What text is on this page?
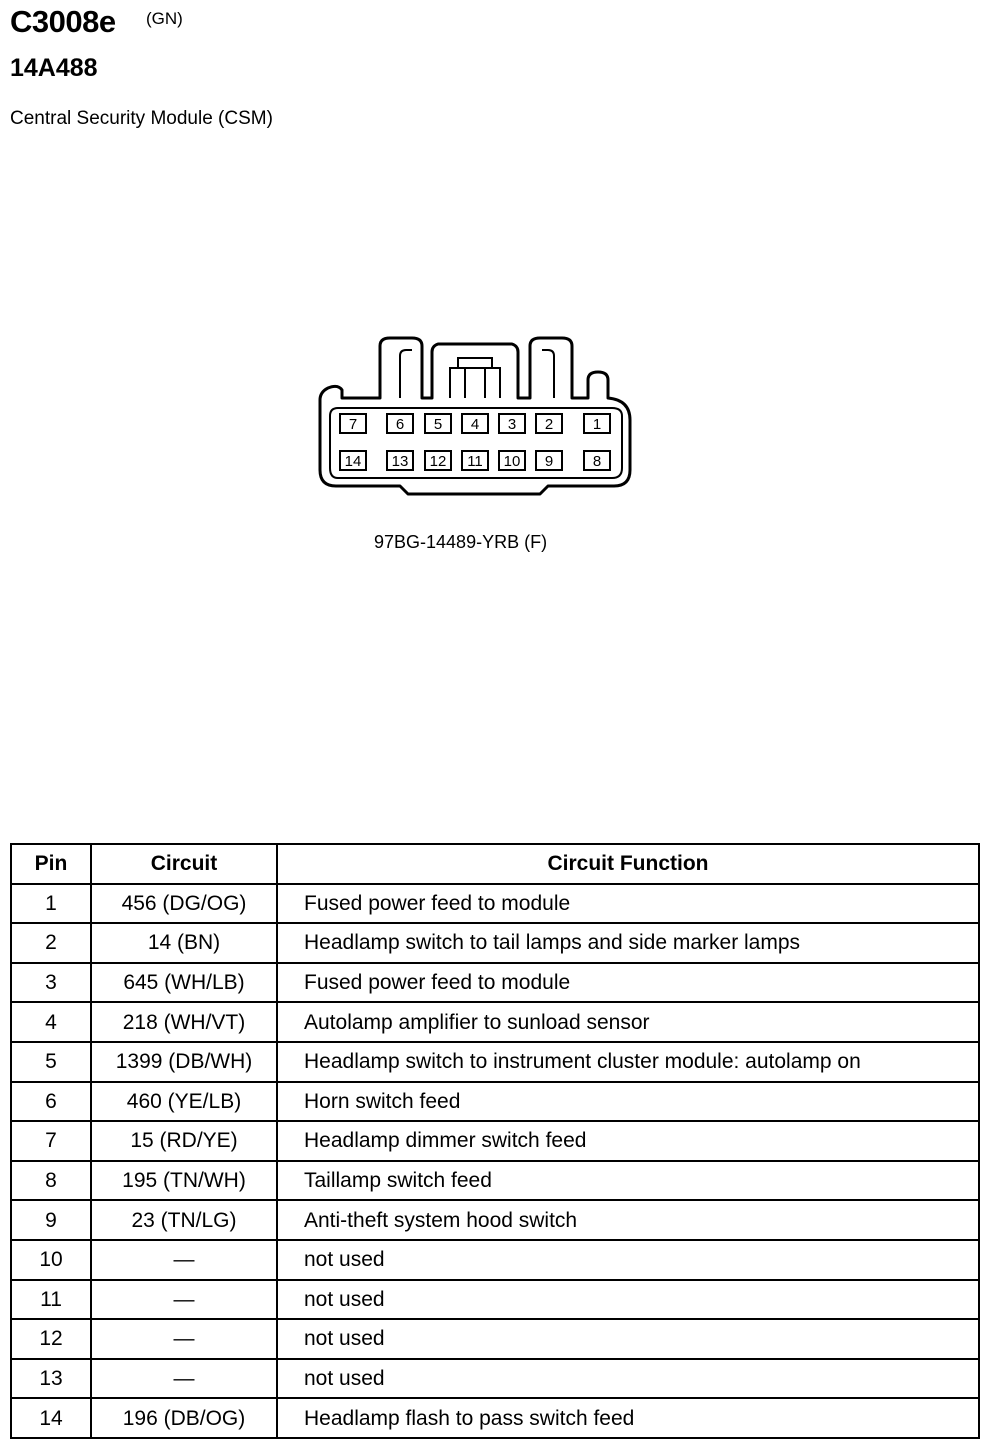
C3008e (GN)
14A488
Central Security Module (CSM)
7	6 5 4 3 2	1
14 13 12 11 10 9	8
97BG-14489-YRB (F)
Pin	Circuit	Circuit Function
1	456 (DG/OG)	Fused power feed to module
2	14 (BN)	Headlamp switch to tail lamps and side marker lamps
3	645 (WH/LB)	Fused power feed to module
4	218 (WH/VT)	Autolamp amplifier to sunload sensor
5	1399 (DB/WH)	Headlamp switch to instrument cluster module: autolamp on
6	460 (YE/LB)	Horn switch feed
7	15 (RD/YE)	Headlamp dimmer switch feed
8	195 (TN/WH)	Taillamp switch feed
9	23 (TN/LG)	Anti-theft system hood switch
10	—	not used
11	—	not used
12	—	not used
13	—	not used
14	196 (DB/OG)	Headlamp flash to pass switch feed
